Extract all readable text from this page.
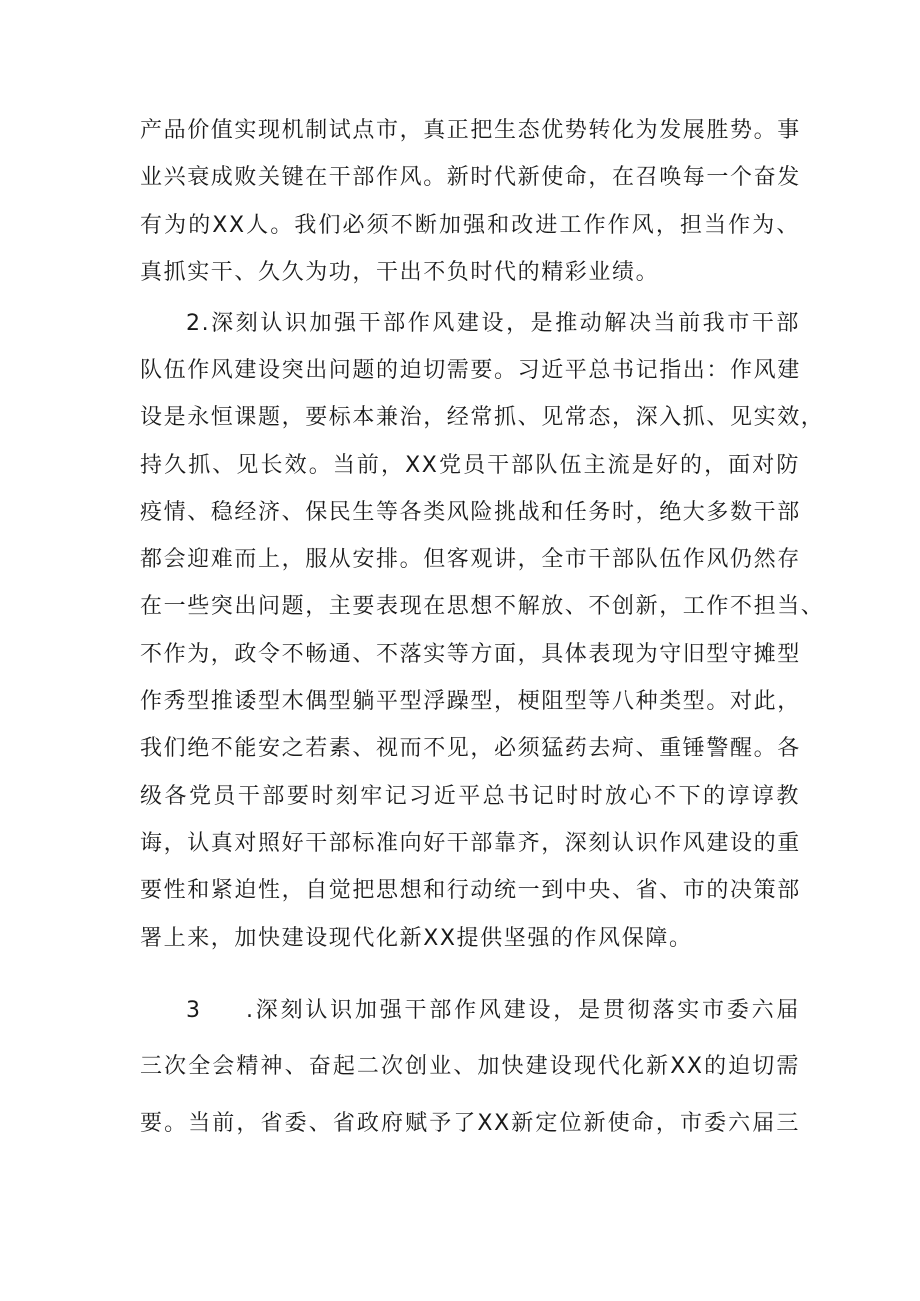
产品价值实现机制试点市，真正把生态优势转化为发展胜势。事
业兴衰成败关键在干部作风。新时代新使命，在召唤每一个奋发
有为的XX人。我们必须不断加强和改进工作作风，担当作为、
真抓实干、久久为功，干出不负时代的精彩业绩。
2.深刻认识加强干部作风建设，是推动解决当前我市干部
队伍作风建设突出问题的迫切需要。习近平总书记指出：作风建
设是永恒课题，要标本兼治，经常抓、见常态，深入抓、见实效，
持久抓、见长效。当前，XX党员干部队伍主流是好的，面对防
疫情、稳经济、保民生等各类风险挑战和任务时，绝大多数干部
都会迎难而上，服从安排。但客观讲，全市干部队伍作风仍然存
在一些突出问题，主要表现在思想不解放、不创新，工作不担当、
不作为，政令不畅通、不落实等方面，具体表现为守旧型守摊型
作秀型推诿型木偶型躺平型浮躁型，梗阻型等八种类型。对此，
我们绝不能安之若素、视而不见，必须猛药去疴、重锤警醒。各
级各党员干部要时刻牢记习近平总书记时时放心不下的谆谆教
诲，认真对照好干部标准向好干部靠齐，深刻认识作风建设的重
要性和紧迫性，自觉把思想和行动统一到中央、省、市的决策部
署上来，加快建设现代化新XX提供坚强的作风保障。
3 .深刻认识加强干部作风建设，是贯彻落实市委六届
三次全会精神、奋起二次创业、加快建设现代化新XX的迫切需
要。当前，省委、省政府赋予了XX新定位新使命，市委六届三
